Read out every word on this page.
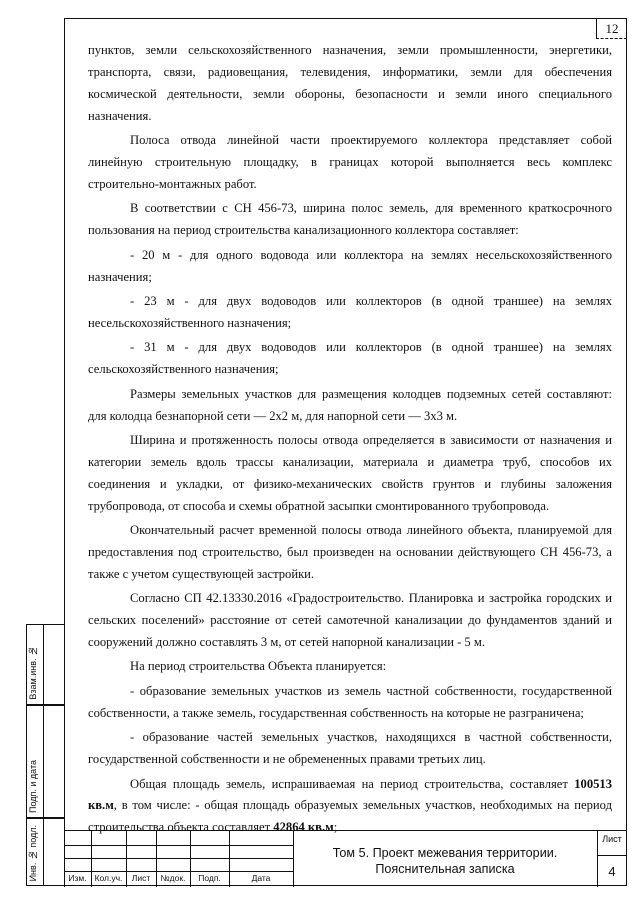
12

пунктов, земли сельскохозяйственного назначения, земли промышленности, энергетики, транспорта, связи, радиовещания, телевидения, информатики, земли для обеспечения космической деятельности, земли обороны, безопасности и земли иного специального назначения.

Полоса отвода линейной части проектируемого коллектора представляет собой линейную строительную площадку, в границах которой выполняется весь комплекс строительно-монтажных работ.

В соответствии с СН 456-73, ширина полос земель, для временного краткосрочного пользования на период строительства канализационного коллектора составляет:

- 20 м - для одного водовода или коллектора на землях несельскохозяйственного назначения;

- 23 м - для двух водоводов или коллекторов (в одной траншее) на землях несельскохозяйственного назначения;

- 31 м - для двух водоводов или коллекторов (в одной траншее) на землях сельскохозяйственного назначения;

Размеры земельных участков для размещения колодцев подземных сетей составляют: для колодца безнапорной сети — 2х2 м, для напорной сети — 3х3 м.

Ширина и протяженность полосы отвода определяется в зависимости от назначения и категории земель вдоль трассы канализации, материала и диаметра труб, способов их соединения и укладки, от физико-механических свойств грунтов и глубины заложения трубопровода, от способа и схемы обратной засыпки смонтированного трубопровода.

Окончательный расчет временной полосы отвода линейного объекта, планируемой для предоставления под строительство, был произведен на основании действующего СН 456-73, а также с учетом существующей застройки.

Согласно СП 42.13330.2016 «Градостроительство. Планировка и застройка городских и сельских поселений» расстояние от сетей самотечной канализации до фундаментов зданий и сооружений должно составлять 3 м, от сетей напорной канализации - 5 м.

На период строительства Объекта планируется:

- образование земельных участков из земель частной собственности, государственной собственности, а также земель, государственная собственность на которые не разграничена;

- образование частей земельных участков, находящихся в частной собственности, государственной собственности и не обремененных правами третьих лиц.

Общая площадь земель, испрашиваемая на период строительства, составляет 100513 кв.м, в том числе: - общая площадь образуемых земельных участков, необходимых на период строительства объекта составляет 42864 кв.м;

Взам.инв. №
Подп. и дата
Инв. № подл.	Изм. Кол.уч.	Лист	№док.	Подп.	Дата
Том 5. Проект межевания территории.
Пояснительная записка
Лист
4
